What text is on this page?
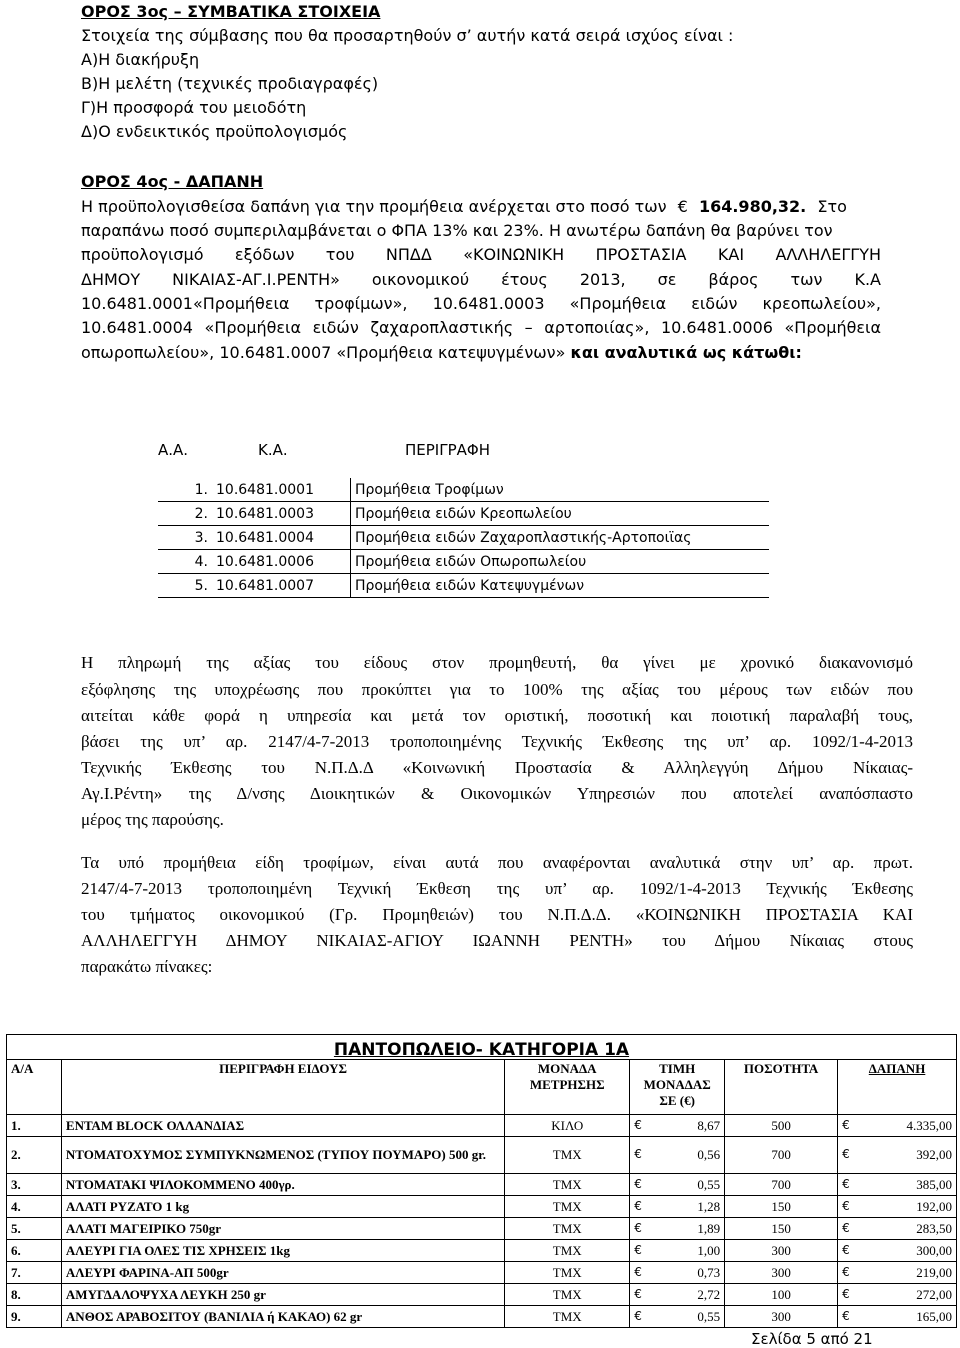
ΟΡΟΣ 3ος – ΣΥΜΒΑΤΙΚΑ ΣΤΟΙΧΕΙΑ
Στοιχεία της σύμβασης που θα προσαρτηθούν σ’ αυτήν κατά σειρά ισχύος είναι :
Α)Η διακήρυξη
Β)Η μελέτη (τεχνικές προδιαγραφές)
Γ)Η προσφορά του μειοδότη
Δ)Ο ενδεικτικός προϋπολογισμός
ΟΡΟΣ 4ος - ΔΑΠΑΝΗ
Η προϋπολογισθείσα δαπάνη για την προμήθεια ανέρχεται στο ποσό των € 164.980,32. Στο
παραπάνω ποσό συμπεριλαμβάνεται ο ΦΠΑ 13% και 23%. Η ανωτέρω δαπάνη θα βαρύνει τον
προϋπολογισμό εξόδων του ΝΠΔΔ «ΚΟΙΝΩΝΙΚΗ ΠΡΟΣΤΑΣΙΑ ΚΑΙ ΑΛΛΗΛΕΓΓΥΗ
ΔΗΜΟΥ ΝΙΚΑΙΑΣ-ΑΓ.Ι.ΡΕΝΤΗ» οικονομικού έτους 2013, σε βάρος των Κ.Α
10.6481.0001«Προμήθεια τροφίμων», 10.6481.0003 «Προμήθεια ειδών κρεοπωλείου»,
10.6481.0004 «Προμήθεια ειδών ζαχαροπλαστικής – αρτοποιίας», 10.6481.0006 «Προμήθεια
οπωροπωλείου», 10.6481.0007 «Προμήθεια κατεψυγμένων» και αναλυτικά ως κάτωθι:
Α.Α.	Κ.Α.	ΠΕΡΙΓΡΑΦΗ
1.	10.6481.0001	Προμήθεια Τροφίμων
2.	10.6481.0003	Προμήθεια ειδών Κρεοπωλείου
3.	10.6481.0004	Προμήθεια ειδών Ζαχαροπλαστικής-Αρτοποιϊας
4.	10.6481.0006	Προμήθεια ειδών Οπωροπωλείου
5.	10.6481.0007	Προμήθεια ειδών Κατεψυγμένων
Η πληρωμή της αξίας του είδους στον προμηθευτή, θα γίνει με χρονικό διακανονισμό
εξόφλησης της υποχρέωσης που προκύπτει για το 100% της αξίας του μέρους των ειδών που
αιτείται κάθε φορά η υπηρεσία και μετά τον οριστική, ποσοτική και ποιοτική παραλαβή τους,
βάσει της υπ’ αρ. 2147/4-7-2013 τροποποιημένης Τεχνικής Έκθεσης της υπ’ αρ. 1092/1-4-2013
Τεχνικής Έκθεσης του Ν.Π.Δ.Δ «Κοινωνική Προστασία & Αλληλεγγύη Δήμου Νίκαιας-
Αγ.Ι.Ρέντη» της Δ/νσης Διοικητικών & Οικονομικών Υπηρεσιών που αποτελεί αναπόσπαστο
μέρος της παρούσης.
Τα υπό προμήθεια είδη τροφίμων, είναι αυτά που αναφέρονται αναλυτικά στην υπ’ αρ. πρωτ.
2147/4-7-2013 τροποποιημένη Τεχνική Έκθεση της υπ’ αρ. 1092/1-4-2013 Τεχνικής Έκθεσης
του τμήματος οικονομικού (Γρ. Προμηθειών) του Ν.Π.Δ.Δ. «ΚΟΙΝΩΝΙΚΗ ΠΡΟΣΤΑΣΙΑ ΚΑΙ
ΑΛΛΗΛΕΓΓΥΗ ΔΗΜΟΥ ΝΙΚΑΙΑΣ-ΑΓΙΟΥ ΙΩΑΝΝΗ ΡΕΝΤΗ» του Δήμου Νίκαιας στους
παρακάτω πίνακες:
ΠΑΝΤΟΠΩΛΕΙΟ- ΚΑΤΗΓΟΡΙΑ 1Α
Α/Α	ΠΕΡΙΓΡΑΦΗ ΕΙΔΟΥΣ	ΜΟΝΑΔΑ ΜΕΤΡΗΣΗΣ	ΤΙΜΗ ΜΟΝΑΔΑΣ ΣΕ (€)	ΠΟΣΟΤΗΤΑ	ΔΑΠΑΝΗ
1.	ΕΝΤΑΜ BLOCK ΟΛΛΑΝΔΙΑΣ	ΚΙΛΟ	€ 8,67	500	€ 4.335,00

2.	ΝΤΟΜΑΤΟΧΥΜΟΣ ΣΥΜΠΥΚΝΩΜΕΝΟΣ (ΤΥΠΟΥ ΠΟΥΜΑΡΟ) 500 gr.	ΤΜΧ	€ 0,56	700	€ 392,00

3.	ΝΤΟΜΑΤΑΚΙ ΨΙΛΟΚΟΜΜΕΝΟ 400γρ.	ΤΜΧ	€ 0,55	700	€ 385,00

4.	ΑΛΑΤΙ ΡΥΖΑΤΟ 1 kg	ΤΜΧ	€ 1,28	150	€ 192,00

5.	ΑΛΑΤΙ ΜΑΓΕΙΡΙΚΟ 750gr	ΤΜΧ	€ 1,89	150	€ 283,50

6.	ΑΛΕΥΡΙ ΓΙΑ ΟΛΕΣ ΤΙΣ ΧΡΗΣΕΙΣ 1kg	ΤΜΧ	€ 1,00	300	€ 300,00

7.	ΑΛΕΥΡΙ ΦΑΡΙΝΑ-ΑΠ 500gr	ΤΜΧ	€ 0,73	300	€ 219,00

8.	ΑΜΥΓΔΑΛΟΨΥΧΑ ΛΕΥΚΗ 250 gr	ΤΜΧ	€ 2,72	100	€ 272,00

9.	ΑΝΘΟΣ ΑΡΑΒΟΣΙΤΟΥ (ΒΑΝΙΛΙΑ ή ΚΑΚΑΟ) 62 gr	ΤΜΧ	€ 0,55	300	€ 165,00
Σελίδα 5 από 21
